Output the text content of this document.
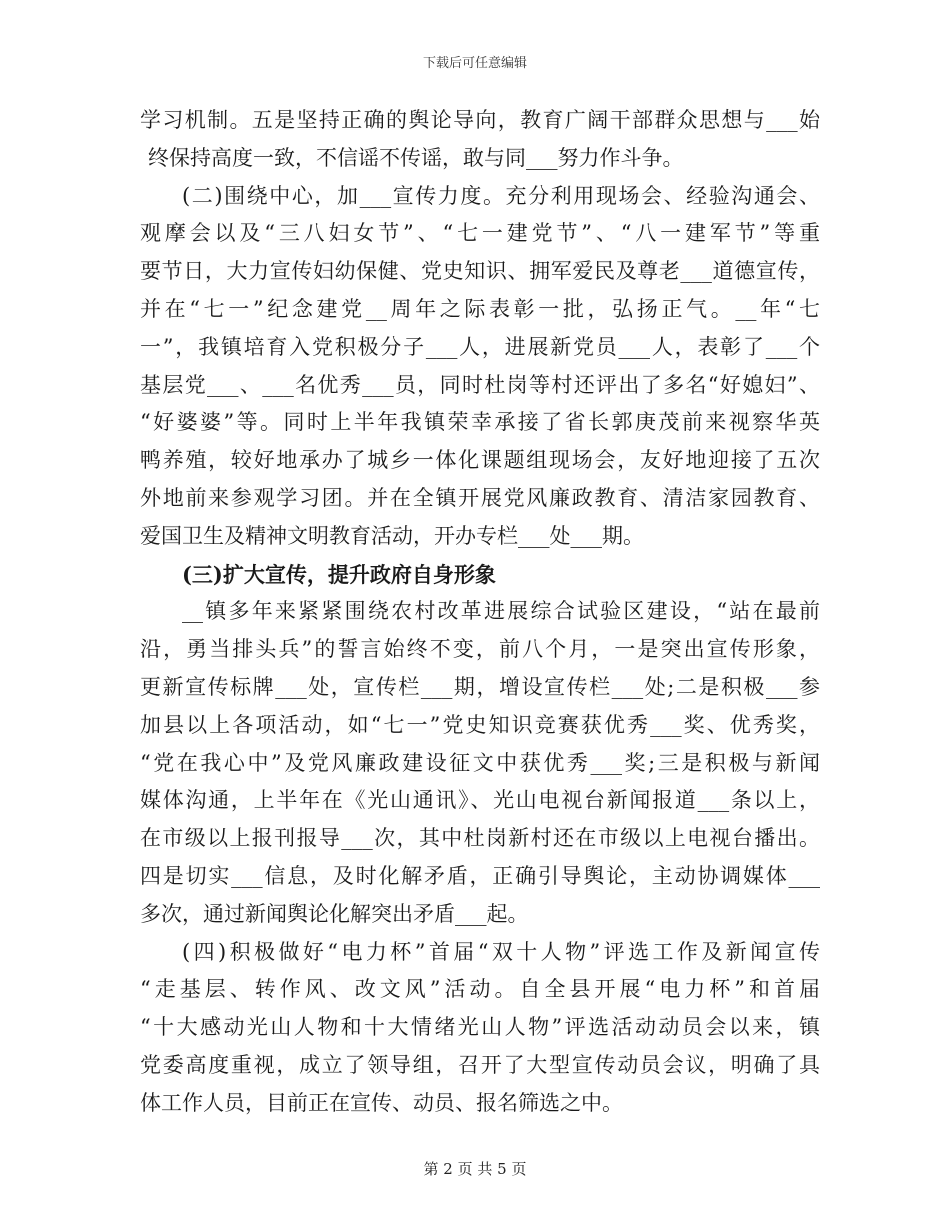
下载后可任意编辑
学习机制。五是坚持正确的舆论导向，教育广阔干部群众思想与___始
终保持高度一致，不信谣不传谣，敢与同___努力作斗争。
(二)围绕中心，加___宣传力度。充分利用现场会、经验沟通会、
观摩会以及“三八妇女节”、“七一建党节”、“八一建军节”等重
要节日，大力宣传妇幼保健、党史知识、拥军爱民及尊老___道德宣传，
并在“七一”纪念建党__周年之际表彰一批，弘扬正气。__年“七
一”，我镇培育入党积极分子___人，进展新党员___人，表彰了___个
基层党___、___名优秀___员，同时杜岗等村还评出了多名“好媳妇”、
“好婆婆”等。同时上半年我镇荣幸承接了省长郭庚茂前来视察华英
鸭养殖，较好地承办了城乡一体化课题组现场会，友好地迎接了五次
外地前来参观学习团。并在全镇开展党风廉政教育、清洁家园教育、
爱国卫生及精神文明教育活动，开办专栏___处___期。
(三)扩大宣传，提升政府自身形象
__镇多年来紧紧围绕农村改革进展综合试验区建设，“站在最前
沿，勇当排头兵”的誓言始终不变，前八个月，一是突出宣传形象，
更新宣传标牌___处，宣传栏___期，增设宣传栏___处;二是积极___参
加县以上各项活动，如“七一”党史知识竞赛获优秀___奖、优秀奖，
“党在我心中”及党风廉政建设征文中获优秀___奖;三是积极与新闻
媒体沟通，上半年在《光山通讯》、光山电视台新闻报道___条以上，
在市级以上报刊报导___次，其中杜岗新村还在市级以上电视台播出。
四是切实___信息，及时化解矛盾，正确引导舆论，主动协调媒体___
多次，通过新闻舆论化解突出矛盾___起。
(四)积极做好“电力杯”首届“双十人物”评选工作及新闻宣传
“走基层、转作风、改文风”活动。自全县开展“电力杯”和首届
“十大感动光山人物和十大情绪光山人物”评选活动动员会以来，镇
党委高度重视，成立了领导组，召开了大型宣传动员会议，明确了具
体工作人员，目前正在宣传、动员、报名筛选之中。
第 2 页 共 5 页
